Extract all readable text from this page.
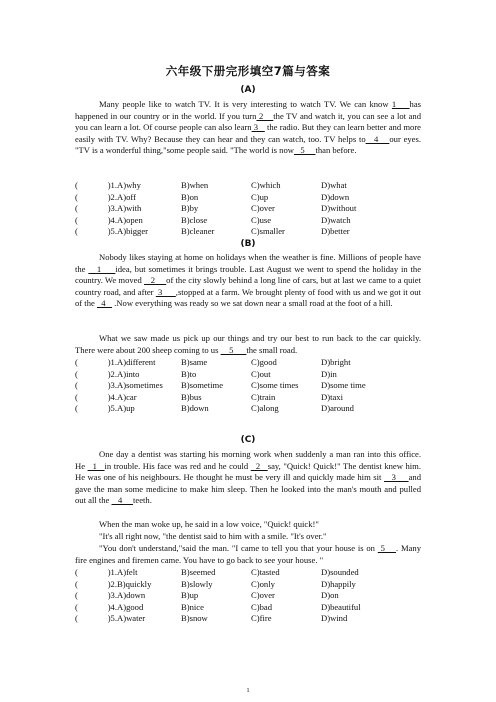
六年级下册完形填空7篇与答案
(A)

Many people like to watch TV. It is very interesting to watch TV. We can know 1    has happened in our country or in the world. If you turn 2    the TV and watch it, you can see a lot and you can learn a lot. Of course people can also learn 3    the radio. But they can learn better and more easily with TV. Why? Because they can hear and they can watch, too. TV helps to   4    our eyes. "TV is a wonderful thing,"some people said. "The world is now   5     than before.

(	)1. A)why	B)when	C)which	D)what
(	)2. A)off	B)on	C)up	D)down
(	)3. A)with	B)by	C)over	D)without
(	)4. A)open	B)close	C)use	D)watch
(	)5. A)bigger	B)cleaner	C)smaller	D)better
(B)

Nobody likes staying at home on holidays when the weather is fine. Millions of people have the    1     idea, but sometimes it brings trouble. Last August we went to spend the holiday in the country. We moved    2     of the city slowly behind a long line of cars, but at last we came to a quiet country road, and after  3      ,stopped at a farm. We brought plenty of food with us and we got it out of the   4    .Now everything was ready so we sat down near a small road at the foot of a hill.

What we saw made us pick up our things and try our best to run back to the car quickly. There were about 200 sheep coming to us     5      the small road.

(	)1. A)different	B)same	C)good	D)bright
(	)2. A)into	B)to	C)out	D)in
(	)3. A)sometimes B)sometime	C)some times	D)some time
(	)4. A)car	B)bus	C)train	D)taxi
(	)5. A)up	B)down	C)along	D)around
(C)

One day a dentist was starting his morning work when suddenly a man ran into this office. He   1   in trouble. His face was red and he could   2   say, "Quick! Quick!" The dentist knew him. He was one of his neighbours. He thought he must be very ill and quickly made him sit    3     and gave the man some medicine to make him sleep. Then he looked into the man's mouth and pulled out all the    4     teeth.

When the man woke up, he said in a low voice, "Quick! quick!"

"It's all right now, "the dentist said to him with a smile. "It's over."

"You don't understand,"said the man. "I came to tell you that your house is on  5    . Many fire engines and firemen came. You have to go back to see your house. "

(	)1. A)felt	B)seemed	C)tasted	D)sounded
(	)2. B)quickly	B)slowly	C)only	D)happily
(	)3. A)down	B)up	C)over	D)on
(	)4. A)good	B)nice	C)bad	D)beautiful
(	)5. A)water	B)snow	C)fire	D)wind
1
